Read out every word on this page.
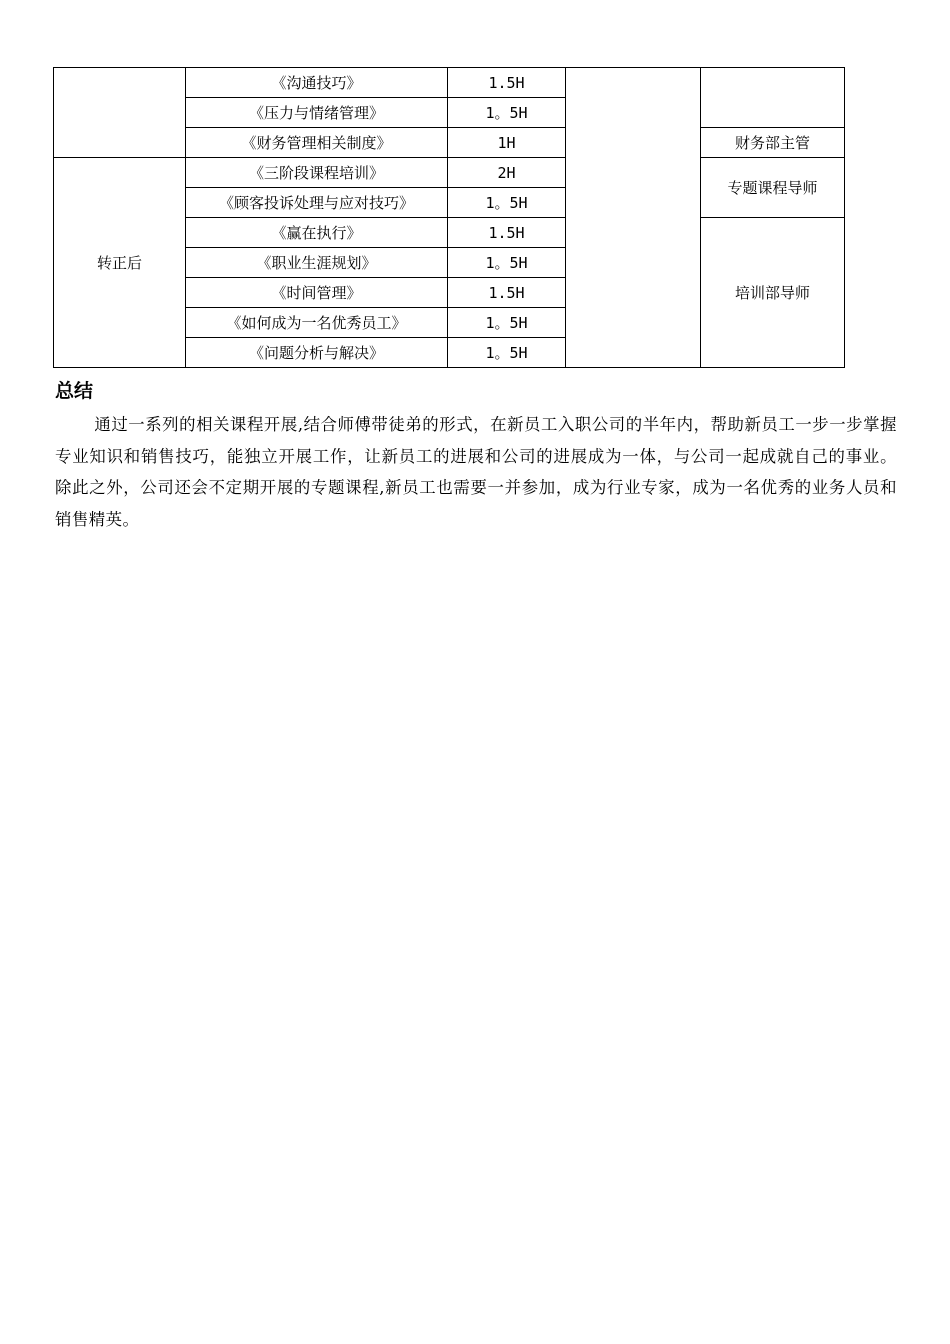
	《沟通技巧》	1.5H		
	《压力与情绪管理》	1。5H		
	《财务管理相关制度》	1H		财务部主管
转正后	《三阶段课程培训》	2H		专题课程导师
	《顾客投诉处理与应对技巧》	1。5H		
	《赢在执行》	1.5H		培训部导师
	《职业生涯规划》	1。5H		
	《时间管理》	1.5H		
	《如何成为一名优秀员工》	1。5H		
	《问题分析与解决》	1。5H		
总结

通过一系列的相关课程开展,结合师傅带徒弟的形式，在新员工入职公司的半年内，帮助新员工一步一步掌握专业知识和销售技巧，能独立开展工作，让新员工的进展和公司的进展成为一体，与公司一起成就自己的事业。除此之外，公司还会不定期开展的专题课程,新员工也需要一并参加，成为行业专家，成为一名优秀的业务人员和销售精英。
